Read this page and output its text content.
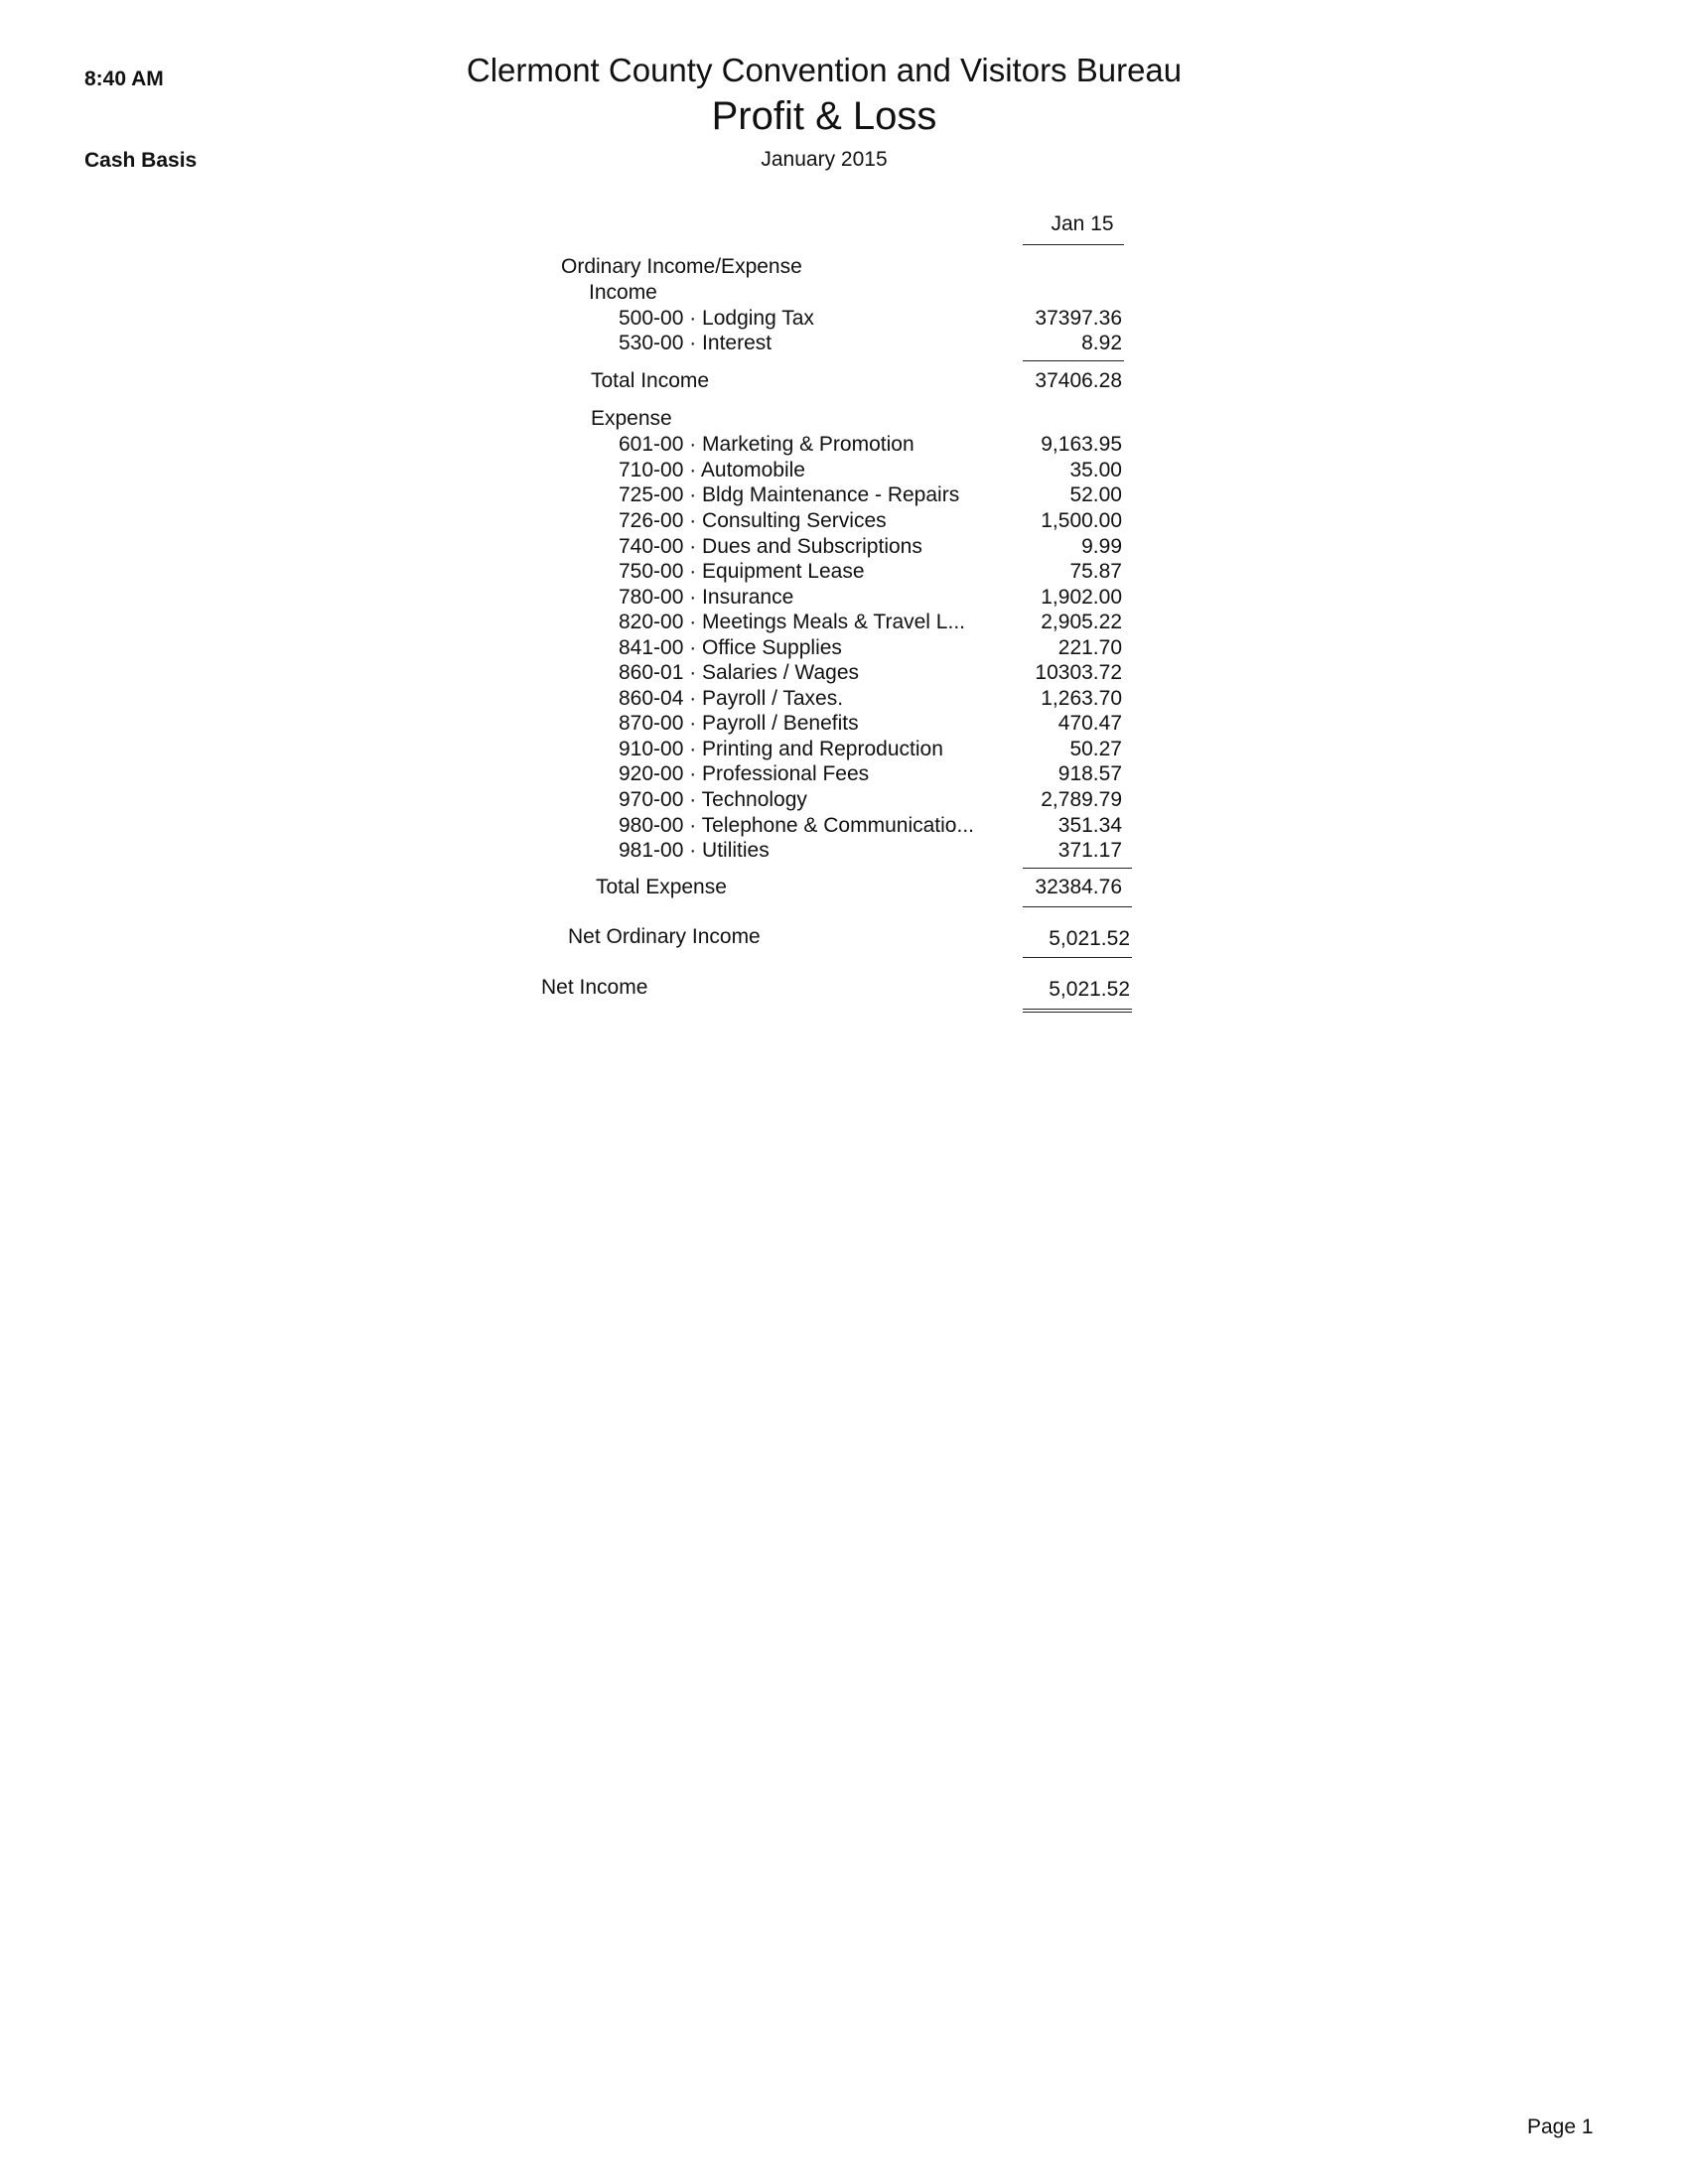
8:40 AM
Cash Basis
Clermont County Convention and Visitors Bureau
Profit & Loss
January 2015
Jan 15
Ordinary Income/Expense
Income
500-00 · Lodging Tax	37397.36
530-00 · Interest	8.92
Total Income	37406.28
Expense
601-00 · Marketing & Promotion	9,163.95
710-00 · Automobile	35.00
725-00 · Bldg Maintenance - Repairs	52.00
726-00 · Consulting Services	1,500.00
740-00 · Dues and Subscriptions	9.99
750-00 · Equipment Lease	75.87
780-00 · Insurance	1,902.00
820-00 · Meetings Meals & Travel L...	2,905.22
841-00 · Office Supplies	221.70
860-01 · Salaries / Wages	10303.72
860-04 · Payroll / Taxes.	1,263.70
870-00 · Payroll / Benefits	470.47
910-00 · Printing and Reproduction	50.27
920-00 · Professional Fees	918.57
970-00 · Technology	2,789.79
980-00 · Telephone & Communicatio...	351.34
981-00 · Utilities	371.17
Total Expense	32384.76
Net Ordinary Income	5,021.52
Net Income	5,021.52
Page 1
